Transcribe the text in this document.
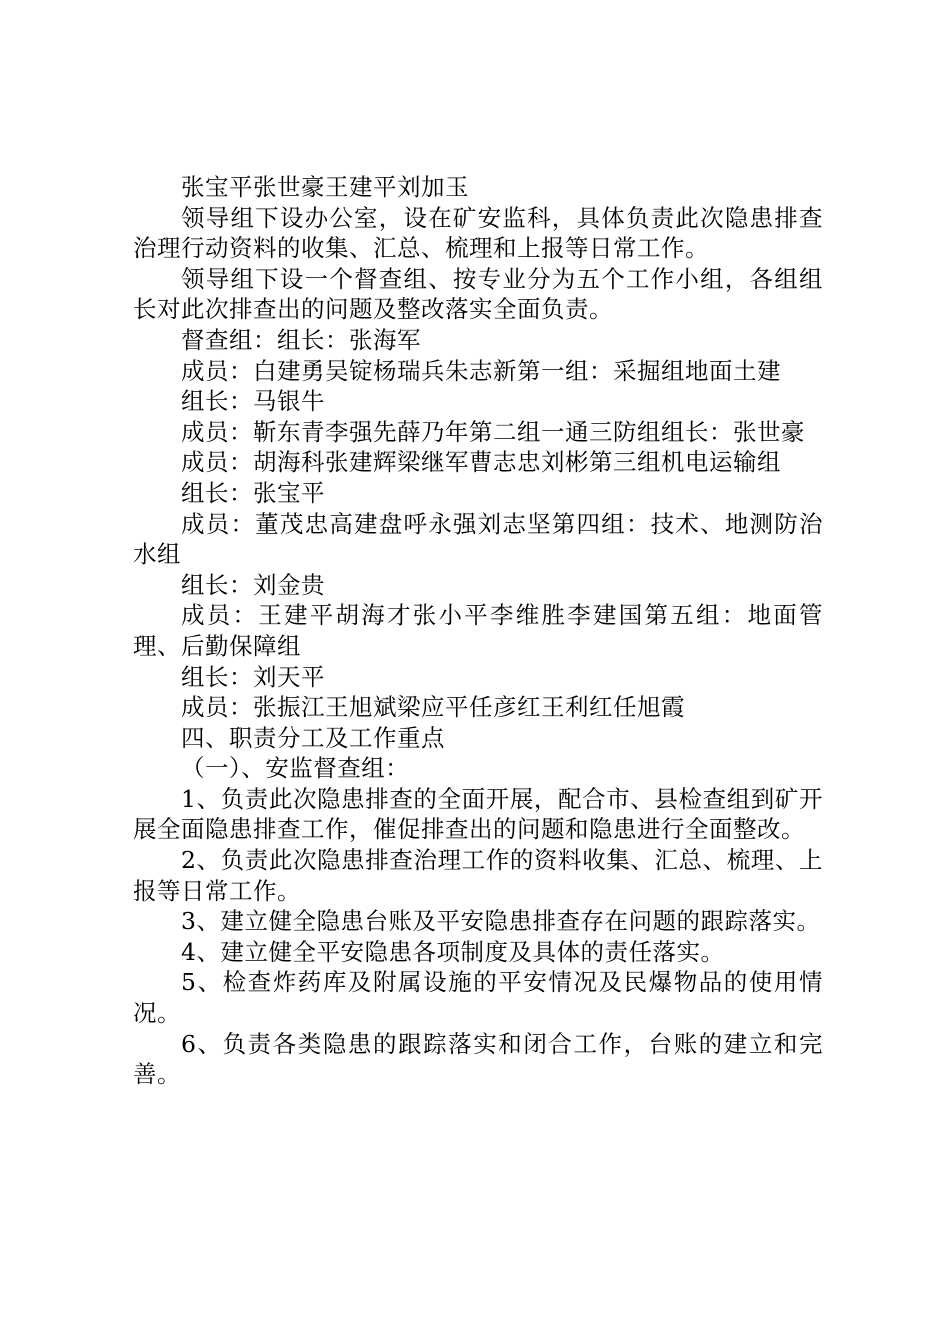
张宝平张世豪王建平刘加玉

领导组下设办公室，设在矿安监科，具体负责此次隐患排查治理行动资料的收集、汇总、梳理和上报等日常工作。

领导组下设一个督查组、按专业分为五个工作小组，各组组长对此次排查出的问题及整改落实全面负责。

督查组：组长：张海军

成员：白建勇吴锭杨瑞兵朱志新第一组：采掘组地面土建

组长：马银牛

成员：靳东青李强先薛乃年第二组一通三防组组长：张世豪

成员：胡海科张建辉梁继军曹志忠刘彬第三组机电运输组

组长：张宝平

成员：董茂忠高建盘呼永强刘志坚第四组：技术、地测防治水组

组长：刘金贵

成员：王建平胡海才张小平李维胜李建国第五组：地面管理、后勤保障组

组长：刘天平

成员：张振江王旭斌梁应平任彦红王利红任旭霞

四、职责分工及工作重点

（一）、安监督查组：

1、负责此次隐患排查的全面开展，配合市、县检查组到矿开展全面隐患排查工作，催促排查出的问题和隐患进行全面整改。

2、负责此次隐患排查治理工作的资料收集、汇总、梳理、上报等日常工作。

3、建立健全隐患台账及平安隐患排查存在问题的跟踪落实。

4、建立健全平安隐患各项制度及具体的责任落实。

5、检查炸药库及附属设施的平安情况及民爆物品的使用情况。

6、负责各类隐患的跟踪落实和闭合工作，台账的建立和完善。
